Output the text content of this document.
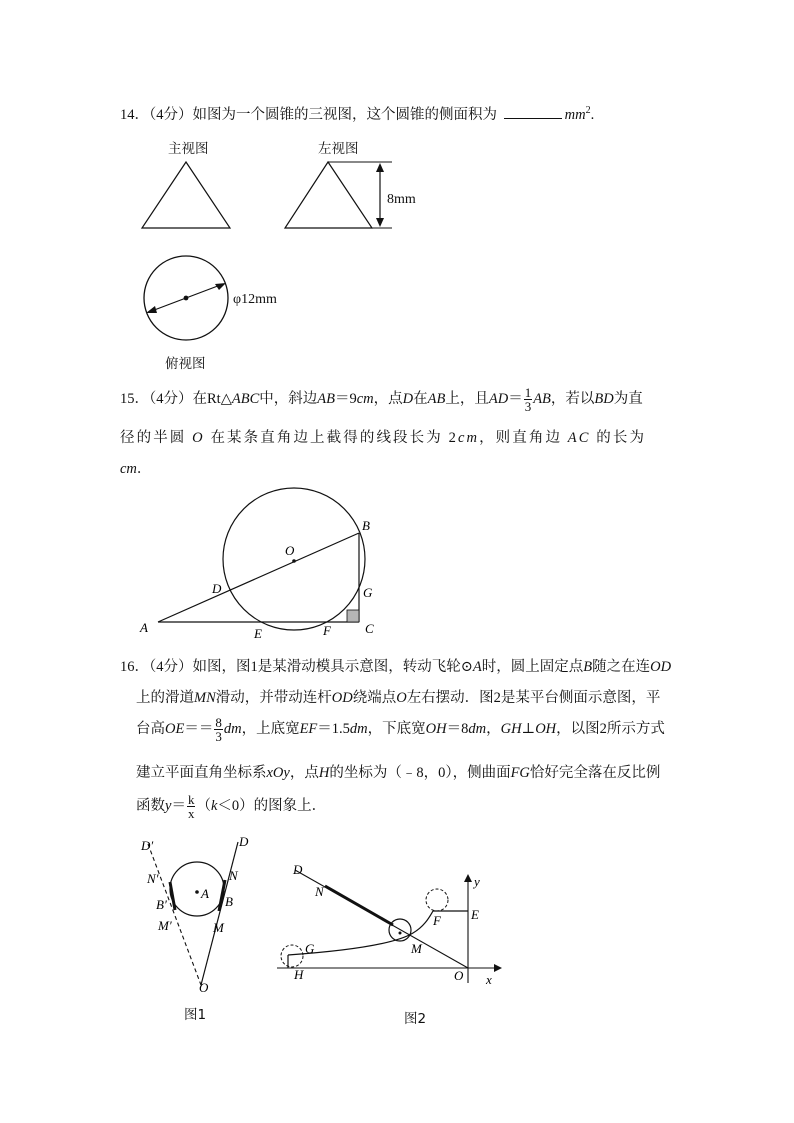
14．（4分）如图为一个圆锥的三视图，这个圆锥的侧面积为	$mm^2$.
主视图	左视图
8mm
φ12mm
俯视图
15．（4分）在Rt△ABC中，斜边AB＝9cm，点D在AB上，且$AD= \frac{1}{3}$ AB，若以BD为直
径的半圆 O 在某条直角边上截得的线段长为 2cm，则直角边 AC 的长为
cm．
A
B
C
D
E	F
G
O
16．（4分）如图，图1是某滑动模具示意图，转动飞轮⊙A时，圆上固定点B随之在连OD
上的滑道MN滑动，并带动连杆OD绕端点O左右摆动．图2是某平台侧面示意图，平
台高$OE== \frac{8}{3}$ dm，上底宽EF＝1.5dm，下底宽OH＝8dm，GH⊥OH，以图2所示方式
建立平面直角坐标系xOy，点H的坐标为（﹣8，0），侧曲面FG恰好完全落在反比例
函数$y= \frac{k}{x} (k<0)$的图象上．
D′	D
N′	N
A
B′	B
M′	M
O
图1
D
N
y
E
F
M
G
H	O x
图2
